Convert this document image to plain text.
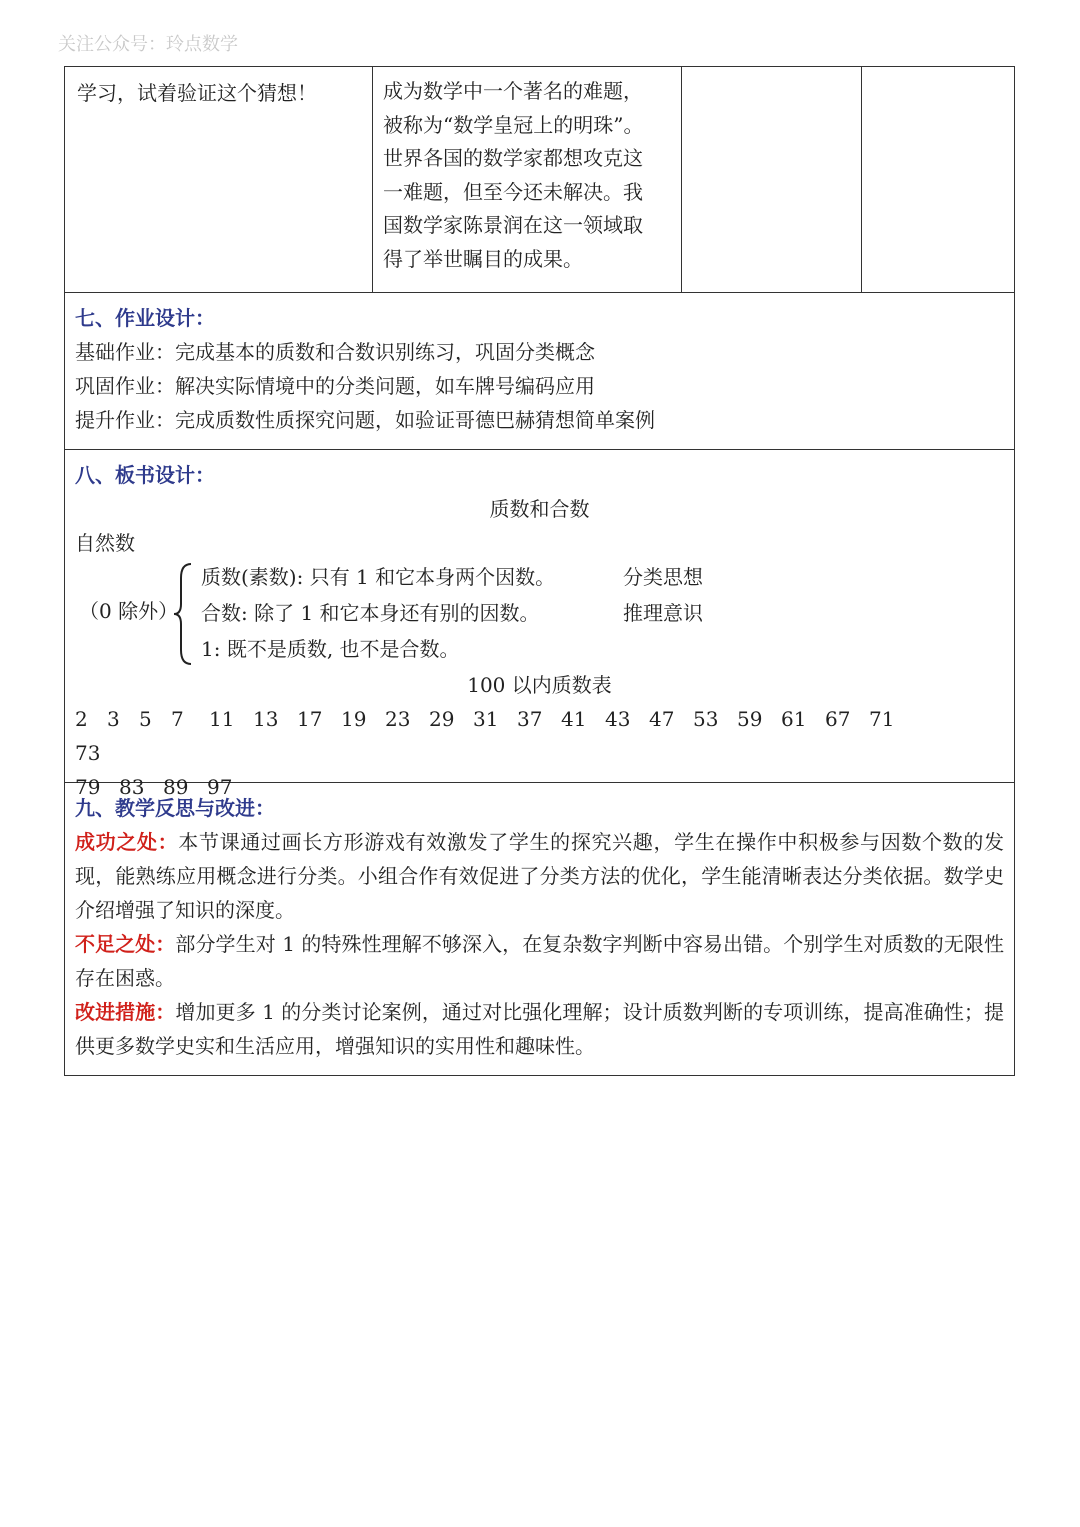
关注公众号：玲点数学
学习，试着验证这个猜想！	成为数学中一个著名的难题，
被称为“数学皇冠上的明珠”。
世界各国的数学家都想攻克这
一难题，但至今还未解决。我
国数学家陈景润在这一领域取
得了举世瞩目的成果。
七、作业设计：
基础作业：完成基本的质数和合数识别练习，巩固分类概念
巩固作业：解决实际情境中的分类问题，如车牌号编码应用
提升作业：完成质数性质探究问题，如验证哥德巴赫猜想简单案例
八、板书设计：
质数和合数
自然数
（0 除外）
质数(素数): 只有 1 和它本身两个因数。
合数: 除了 1 和它本身还有别的因数。
1: 既不是质数, 也不是合数。
分类思想
推理意识
100 以内质数表
2 3 5 7	11 13 17 19 23 29 31 37 41 43 47 53 59 61 67 71
73
79 83 89 97
九、教学反思与改进：
成功之处：本节课通过画长方形游戏有效激发了学生的探究兴趣，学生在操作中积极参与因数个数的发现，能熟练应用概念进行分类。小组合作有效促进了分类方法的优化，学生能清晰表达分类依据。数学史介绍增强了知识的深度。
不足之处：部分学生对 1 的特殊性理解不够深入，在复杂数字判断中容易出错。个别学生对质数的无限性存在困惑。
改进措施：增加更多 1 的分类讨论案例，通过对比强化理解；设计质数判断的专项训练，提高准确性；提供更多数学史实和生活应用，增强知识的实用性和趣味性。
